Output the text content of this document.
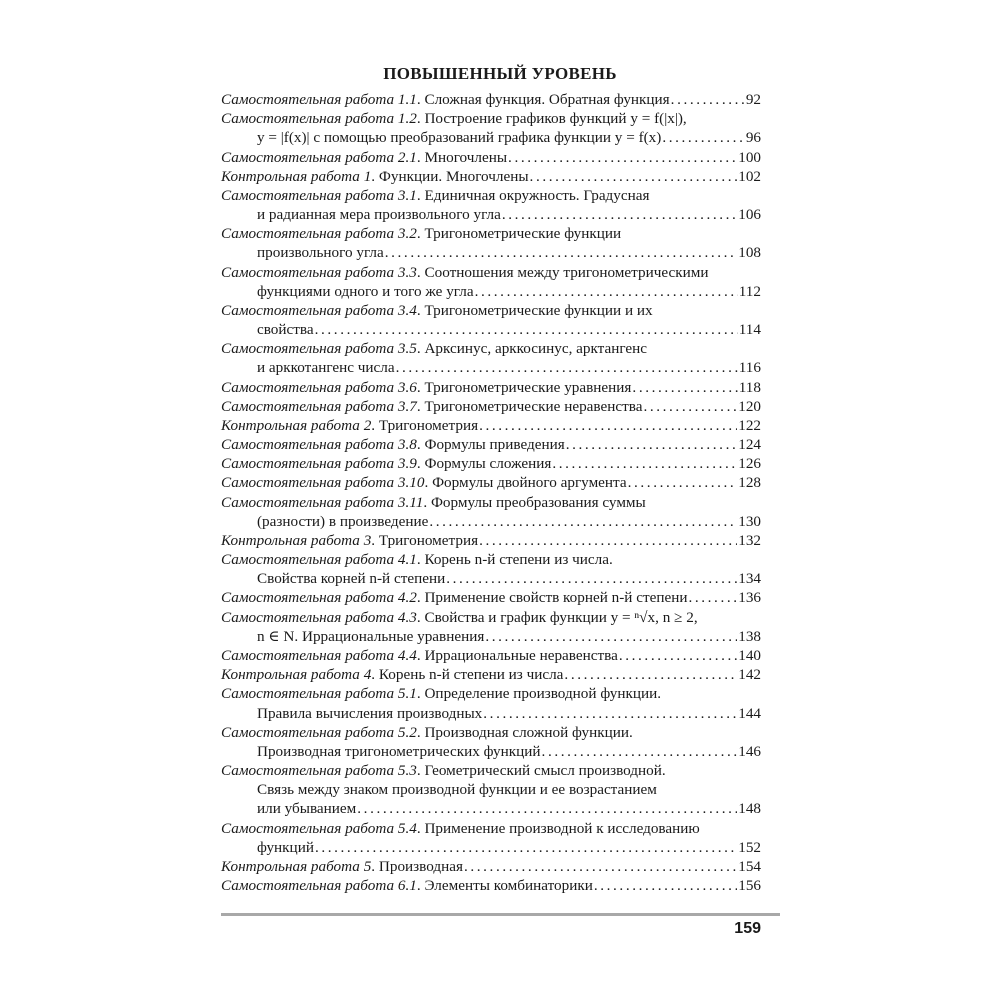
ПОВЫШЕННЫЙ УРОВЕНЬ
Самостоятельная работа 1.1. Сложная функция. Обратная функция . . .	92
Самостоятельная работа 1.2. Построение графиков функций y = f(|x|),
y = |f(x)| с помощью преобразований графика функции y = f(x) . . .	96
Самостоятельная работа 2.1. Многочлены . . .	100
Контрольная работа 1. Функции. Многочлены . . .	102
Самостоятельная работа 3.1. Единичная окружность. Градусная
и радианная мера произвольного угла . . .	106
Самостоятельная работа 3.2. Тригонометрические функции
произвольного угла . . .	108
Самостоятельная работа 3.3. Соотношения между тригонометрическими
функциями одного и того же угла . . .	112
Самостоятельная работа 3.4. Тригонометрические функции и их
свойства . . .	114
Самостоятельная работа 3.5. Арксинус, арккосинус, арктангенс
и арккотангенс числа . . .	116
Самостоятельная работа 3.6. Тригонометрические уравнения . . .	118
Самостоятельная работа 3.7. Тригонометрические неравенства . . .	120
Контрольная работа 2. Тригонометрия . . .	122
Самостоятельная работа 3.8. Формулы приведения . . .	124
Самостоятельная работа 3.9. Формулы сложения . . .	126
Самостоятельная работа 3.10. Формулы двойного аргумента . . .	128
Самостоятельная работа 3.11. Формулы преобразования суммы
(разности) в произведение . . .	130
Контрольная работа 3. Тригонометрия . . .	132
Самостоятельная работа 4.1. Корень n-й степени из числа.
Свойства корней n-й степени . . .	134
Самостоятельная работа 4.2. Применение свойств корней n-й степени . . .	136
Самостоятельная работа 4.3. Свойства и график функции y = ⁿ√x, n ≥ 2,
n ∈ N. Иррациональные уравнения . . .	138
Самостоятельная работа 4.4. Иррациональные неравенства . . .	140
Контрольная работа 4. Корень n-й степени из числа . . .	142
Самостоятельная работа 5.1. Определение производной функции.
Правила вычисления производных . . .	144
Самостоятельная работа 5.2. Производная сложной функции.
Производная тригонометрических функций . . .	146
Самостоятельная работа 5.3. Геометрический смысл производной.
Связь между знаком производной функции и ее возрастанием
или убыванием . . .	148
Самостоятельная работа 5.4. Применение производной к исследованию
функций . . .	152
Контрольная работа 5. Производная . . .	154
Самостоятельная работа 6.1. Элементы комбинаторики . . .	156
159
